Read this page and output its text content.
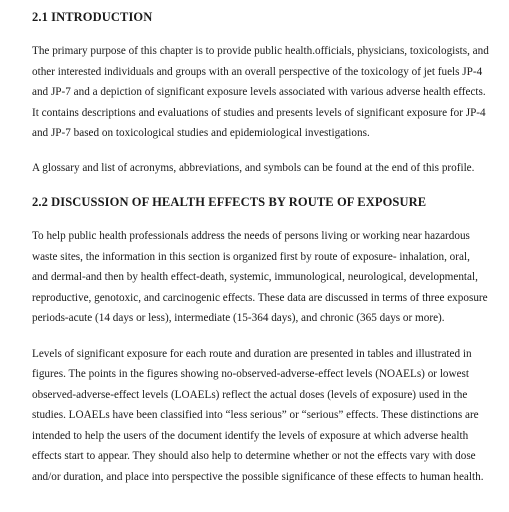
2.1 INTRODUCTION

The primary purpose of this chapter is to provide public health.officials, physicians, toxicologists, and
other interested individuals and groups with an overall perspective of the toxicology of jet fuels JP-4
and JP-7 and a depiction of significant exposure levels associated with various adverse health effects.
It contains descriptions and evaluations of studies and presents levels of significant exposure for JP-4
and JP-7 based on toxicological studies and epidemiological investigations.

A glossary and list of acronyms, abbreviations, and symbols can be found at the end of this profile.

2.2 DISCUSSION OF HEALTH EFFECTS BY ROUTE OF EXPOSURE

To help public health professionals address the needs of persons living or working near hazardous
waste sites, the information in this section is organized first by route of exposure- inhalation, oral,
and dermal-and then by health effect-death, systemic, immunological, neurological, developmental,
reproductive, genotoxic, and carcinogenic effects. These data are discussed in terms of three exposure
periods-acute (14 days or less), intermediate (15-364 days), and chronic (365 days or more).

Levels of significant exposure for each route and duration are presented in tables and illustrated in
figures. The points in the figures showing no-observed-adverse-effect levels (NOAELs) or lowest
observed-adverse-effect levels (LOAELs) reflect the actual doses (levels of exposure) used in the
studies. LOAELs have been classified into “less serious” or “serious” effects. These distinctions are
intended to help the users of the document identify the levels of exposure at which adverse health
effects start to appear. They should also help to determine whether or not the effects vary with dose
and/or duration, and place into perspective the possible significance of these effects to human health.
